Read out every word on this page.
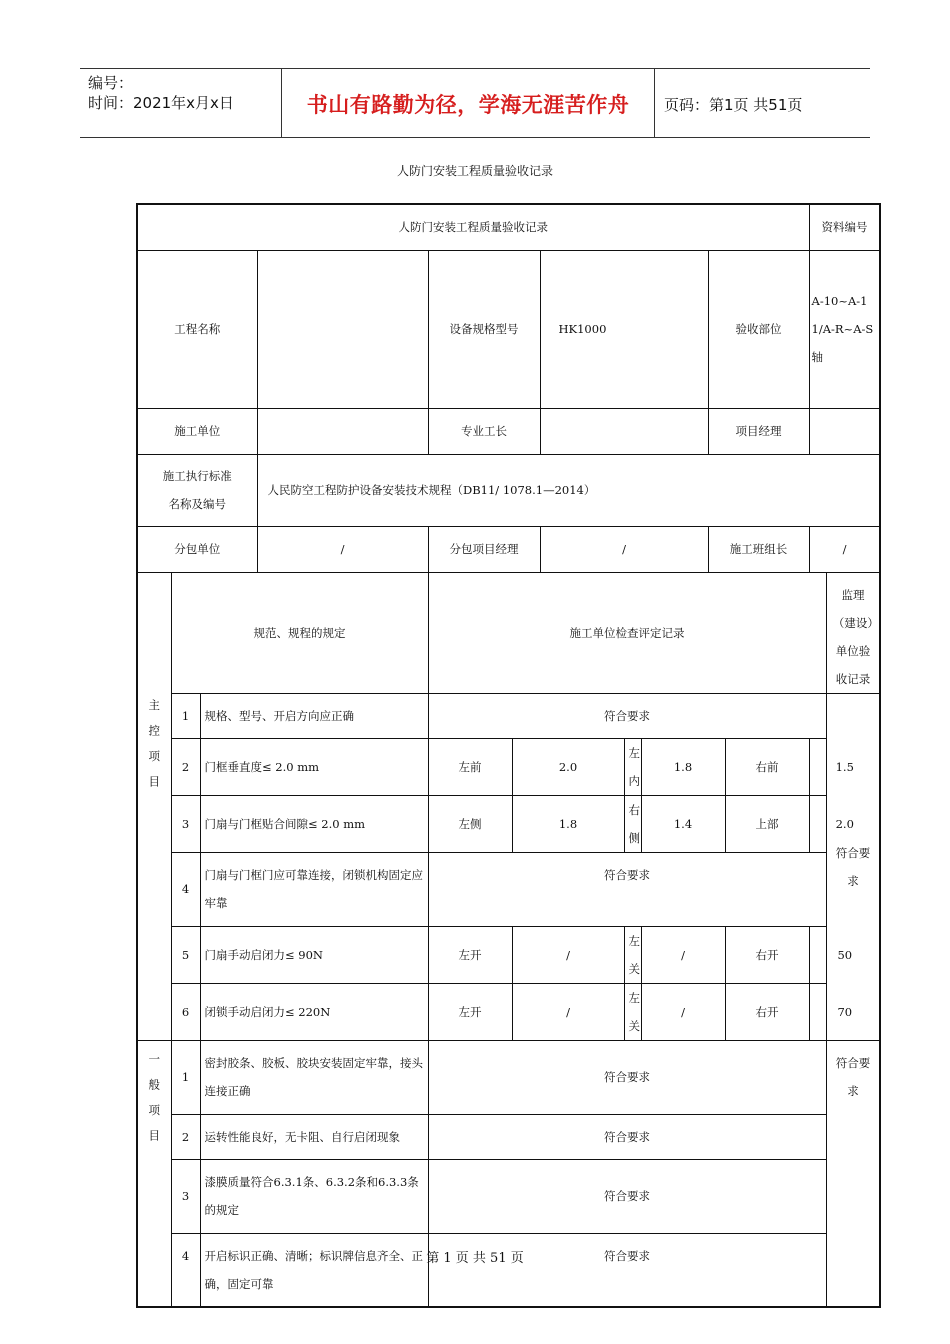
编号：
时间：2021年x月x日	书山有路勤为径，学海无涯苦作舟	页码：第1页 共51页
人防门安装工程质量验收记录
人防门安装工程质量验收记录											资料编号	
工程名称				设备规格型号		HK1000			验收部位		A-10~A-11/A-R~A-S轴		
施工单位				专业工长					项目经理				

施工执行标准
名称及编号			人民防空工程防护设备安装技术规程（DB11/ 1078.1—2014）										
分包单位			/	分包项目经理		/			施工班组长		/		

主控项目	规范、规程的规定			施工单位检查评定记录								监理（建设）单位验收记录	
	1	规格、型号、开启方向应正确		符合要求								符合要求	
	2	门框垂直度≤ 2.0 mm		左前	2.0		左内	1.8		右前	1.5		
	3	门扇与门框贴合间隙≤ 2.0 mm		左侧	1.8		右侧	1.4		上部	2.0		
	4	门扇与门框门应可靠连接，闭锁机构固定应牢靠		符合要求									
	5	门扇手动启闭力≤ 90N		左开	/		左关	/		右开	50		
	6	闭锁手动启闭力≤ 220N		左开	/		左关	/		右开	70		

一般项目	1	密封胶条、胶板、胶块安装固定牢靠，接头连接正确		符合要求								符合要求	
	2	运转性能良好，无卡阻、自行启闭现象		符合要求									
	3	漆膜质量符合6.3.1条、6.3.2条和6.3.3条的规定		符合要求									
	4	开启标识正确、清晰；标识牌信息齐全、正确，固定可靠		符合要求									
第 1 页 共 51 页
